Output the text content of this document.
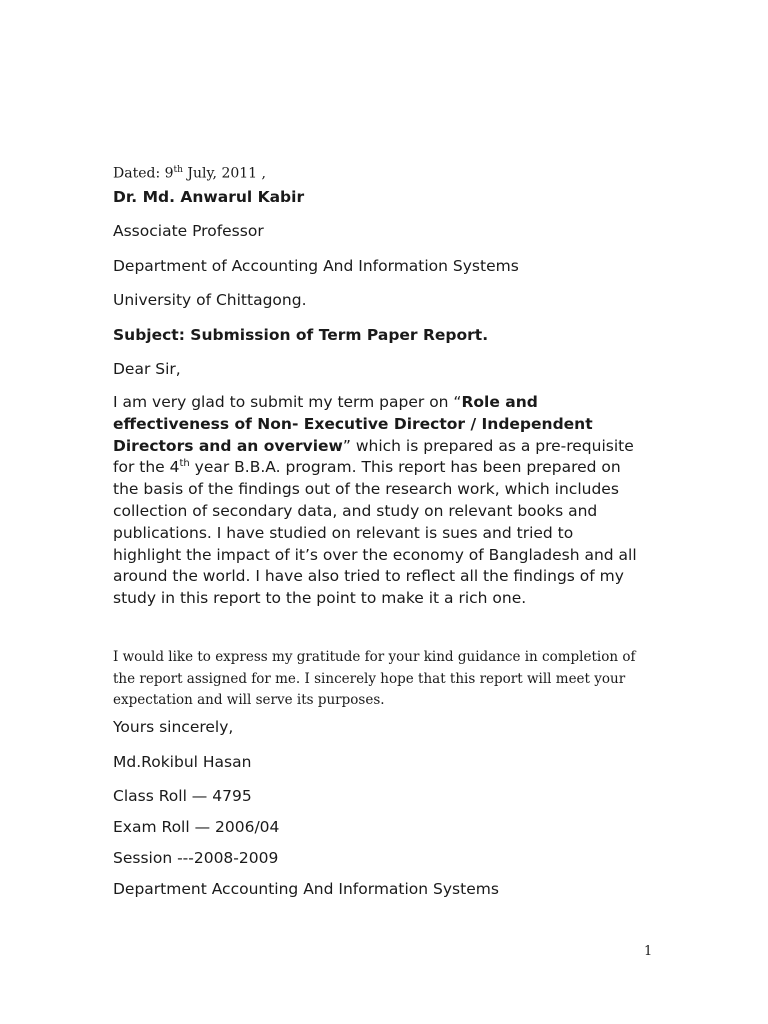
Dated: 9th July, 2011 ,

Dr. Md. Anwarul Kabir

Associate Professor

Department of Accounting And Information Systems

University of Chittagong.

Subject: Submission of Term Paper Report.

Dear Sir,

I am very glad to submit my term paper on “Role and effectiveness of Non- Executive Director / Independent Directors and an overview” which is prepared as a pre-requisite for the 4th year B.B.A. program. This report has been prepared on the basis of the findings out of the research work, which includes collection of secondary data, and study on relevant books and publications. I have studied on relevant is sues and tried to highlight the impact of it’s over the economy of Bangladesh and all around the world. I have also tried to reflect all the findings of my study in this report to the point to make it a rich one.

I would like to express my gratitude for your kind guidance in completion of the report assigned for me. I sincerely hope that this report will meet your expectation and will serve its purposes.

Yours sincerely,

Md.Rokibul Hasan

Class Roll — 4795

Exam Roll — 2006/04

Session ---2008-2009

Department Accounting And Information Systems

1
